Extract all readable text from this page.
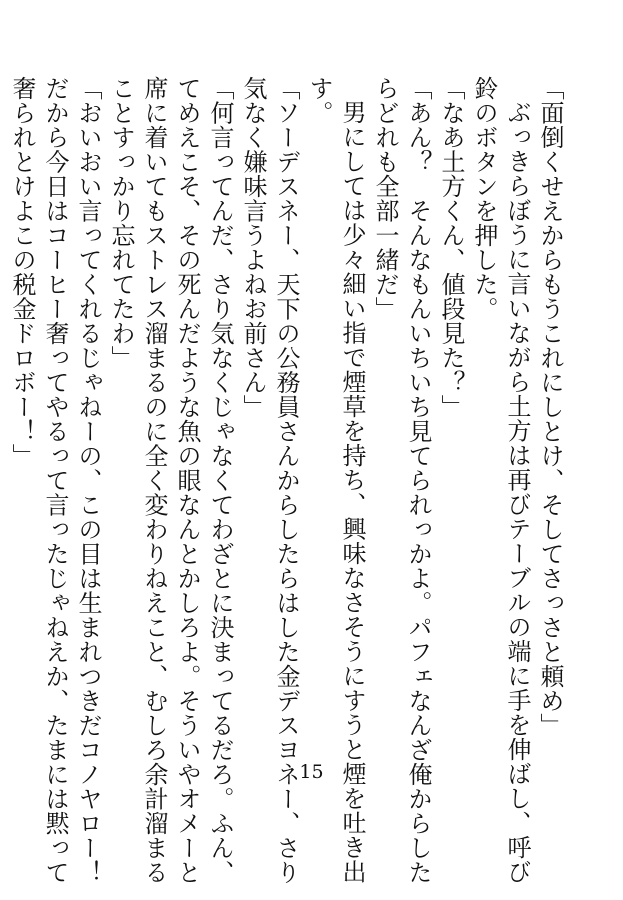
「面倒くせえからもうこれにしとけ、そしてさっさと頼め」
ぶっきらぼうに言いながら土方は再びテーブルの端に手を伸ばし、呼び
鈴のボタンを押した。
「なあ土方くん、値段見た？」
「あん？　そんなもんいちいち見てられっかよ。パフェなんざ俺からした
らどれも全部一緒だ」
男にしては少々細い指で煙草を持ち、興味なさそうにすうと煙を吐き出
す。
「ソーデスネー、天下の公務員さんからしたらはした金デスヨネー、さり
気なく嫌味言うよねお前さん」
「何言ってんだ、さり気なくじゃなくてわざとに決まってるだろ。ふん、
てめえこそ、その死んだような魚の眼なんとかしろよ。そういやオメーと
席に着いてもストレス溜まるのに全く変わりねえこと、むしろ余計溜まる
ことすっかり忘れてたわ」
「おいおい言ってくれるじゃねーの、この目は生まれつきだコノヤロー！
だから今日はコーヒー奢ってやるって言ったじゃねえか、たまには黙って
奢られとけよこの税金ドロボー！」
15
